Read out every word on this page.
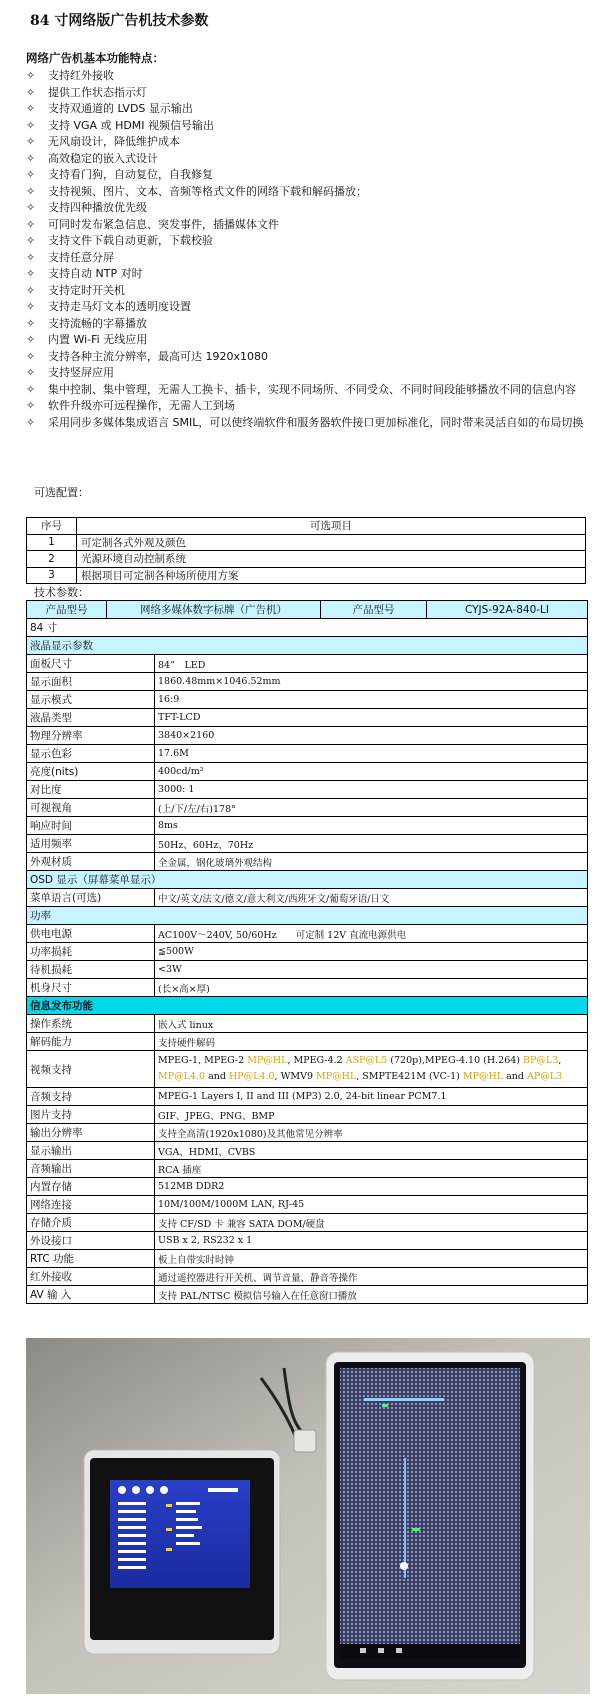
84 寸网络版广告机技术参数
网络广告机基本功能特点：
✧	支持红外接收
✧	提供工作状态指示灯
✧	支持双通道的 LVDS 显示输出
✧	支持 VGA 或 HDMI 视频信号输出
✧	无风扇设计，降低维护成本
✧	高效稳定的嵌入式设计
✧	支持看门狗，自动复位，自我修复
✧	支持视频、图片、文本、音频等格式文件的网络下载和解码播放；
✧	支持四种播放优先级
✧	可同时发布紧急信息、突发事件，插播媒体文件
✧	支持文件下载自动更新，下载校验
✧	支持任意分屏
✧	支持自动 NTP 对时
✧	支持定时开关机
✧	支持走马灯文本的透明度设置
✧	支持流畅的字幕播放
✧	内置 Wi-Fi 无线应用
✧	支持各种主流分辨率，最高可达 1920x1080
✧	支持竖屏应用
✧	集中控制、集中管理，无需人工换卡、插卡，实现不同场所、不同受众、不同时间段能够播放不同的信息内容
✧	软件升级亦可远程操作，无需人工到场
✧	采用同步多媒体集成语言 SMIL，可以使终端软件和服务器软件接口更加标准化，同时带来灵活自如的布局切换
可选配置：
序号	可选项目
1	可定制各式外观及颜色
2	光源环境自动控制系统
3	根据项目可定制各种场所使用方案
技术参数：
产品型号	网络多媒体数字标牌（广告机）		产品型号	CYJS-92A-840-LI
84 寸				
液晶显示参数				
面板尺寸		84”　LED		
显示面积		1860.48mm×1046.52mm		
显示模式		16:9		
液晶类型		TFT-LCD		
物理分辨率		3840×2160		
显示色彩		17.6M		
亮度(nits)		400cd/m²		
对比度		3000: 1		
可视视角		(上/下/左/右)178°		
响应时间		8ms		
适用频率		50Hz、60Hz、70Hz		
外观材质		全金属，钢化玻璃外观结构		
OSD 显示（屏幕菜单显示）				
菜单语言(可选)		中文/英文/法文/德文/意大利文/西班牙文/葡萄牙语/日文		
功率				
供电电源		AC100V～240V, 50/60Hz　　可定制 12V 直流电源供电		
功率损耗		≦500W		
待机损耗		<3W		
机身尺寸		(长×高×厚)		
信息发布功能				
操作系统		嵌入式 linux		
解码能力		支持硬件解码		
视频支持		MPEG-1, MPEG-2 MP@HL, MPEG-4.2 ASP@L5 (720p),MPEG-4.10 (H.264) BP@L3, MP@L4.0 and HP@L4.0, WMV9 MP@HL, SMPTE421M (VC-1) MP@HL and AP@L3		
音频支持		MPEG-1 Layers I, II and III (MP3) 2.0, 24-bit linear PCM7.1		
图片支持		GIF、JPEG、PNG、BMP		
输出分辨率		支持全高清(1920x1080)及其他常见分辨率		
显示输出		VGA、HDMI、CVBS		
音频输出		RCA 插座		
内置存储		512MB DDR2		
网络连接		10M/100M/1000M LAN, RJ-45		
存储介质		支持 CF/SD 卡 兼容 SATA DOM/硬盘		
外设接口		USB x 2, RS232 x 1		
RTC 功能		板上自带实时时钟		
红外接收		通过遥控器进行开关机、调节音量、静音等操作		
AV 输 入		支持 PAL/NTSC 模拟信号输入在任意窗口播放		
